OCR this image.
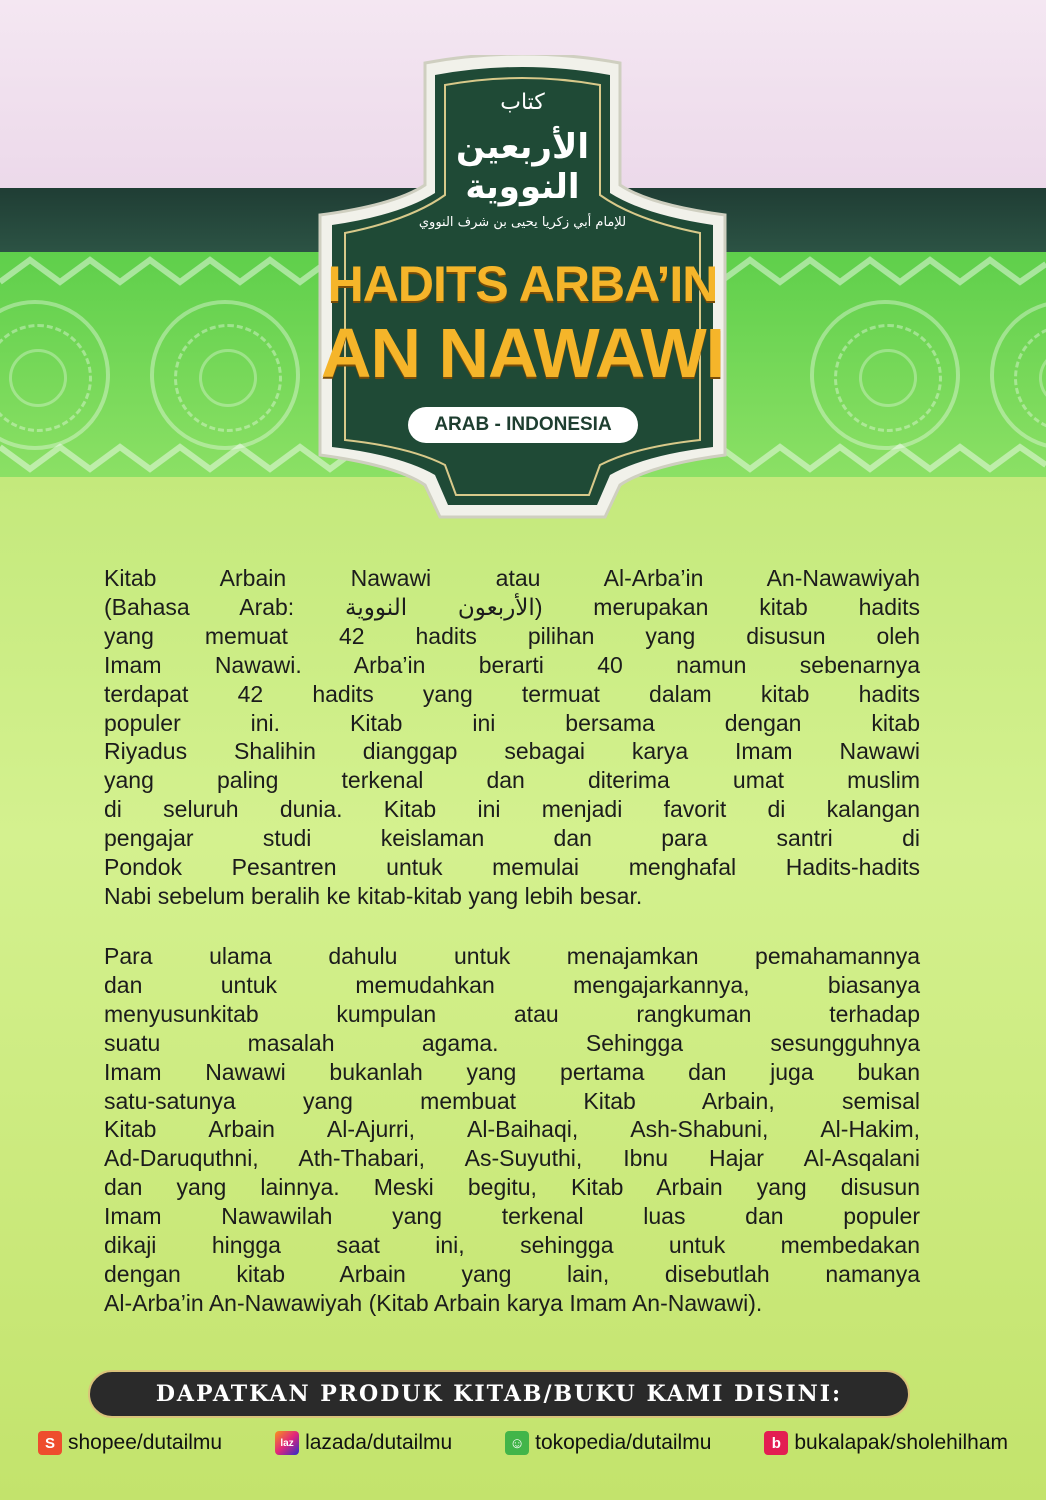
كتاب
الأربعين النووية
للإمام أبي زكريا يحيى بن شرف النووي
HADITS ARBA’IN
AN NAWAWI
ARAB - INDONESIA
Kitab Arbain Nawawi atau Al-Arba’in An-Nawawiyah
(Bahasa Arab: الأربعون النووية) merupakan kitab hadits
yang memuat 42 hadits pilihan yang disusun oleh
Imam Nawawi. Arba’in berarti 40 namun sebenarnya
terdapat 42 hadits yang termuat dalam kitab hadits
populer ini. Kitab ini bersama dengan kitab
Riyadus Shalihin dianggap sebagai karya Imam Nawawi
yang paling terkenal dan diterima umat muslim
di seluruh dunia. Kitab ini menjadi favorit di kalangan
pengajar studi keislaman dan para santri di
Pondok Pesantren untuk memulai menghafal Hadits-hadits
Nabi sebelum beralih ke kitab-kitab yang lebih besar.
Para ulama dahulu untuk menajamkan pemahamannya
dan untuk memudahkan mengajarkannya, biasanya
menyusunkitab kumpulan atau rangkuman terhadap
suatu masalah agama. Sehingga sesungguhnya
Imam Nawawi bukanlah yang pertama dan juga bukan
satu-satunya yang membuat Kitab Arbain, semisal
Kitab Arbain Al-Ajurri, Al-Baihaqi, Ash-Shabuni, Al-Hakim,
Ad-Daruquthni, Ath-Thabari, As-Suyuthi, Ibnu Hajar Al-Asqalani
dan yang lainnya. Meski begitu, Kitab Arbain yang disusun
Imam Nawawilah yang terkenal luas dan populer
dikaji hingga saat ini, sehingga untuk membedakan
dengan kitab Arbain yang lain, disebutlah namanya
Al-Arba’in An-Nawawiyah (Kitab Arbain karya Imam An-Nawawi).
DAPATKAN PRODUK KITAB/BUKU KAMI DISINI:
S shopee/dutailmu	laz lazada/dutailmu	☺ tokopedia/dutailmu	b bukalapak/sholehilham
